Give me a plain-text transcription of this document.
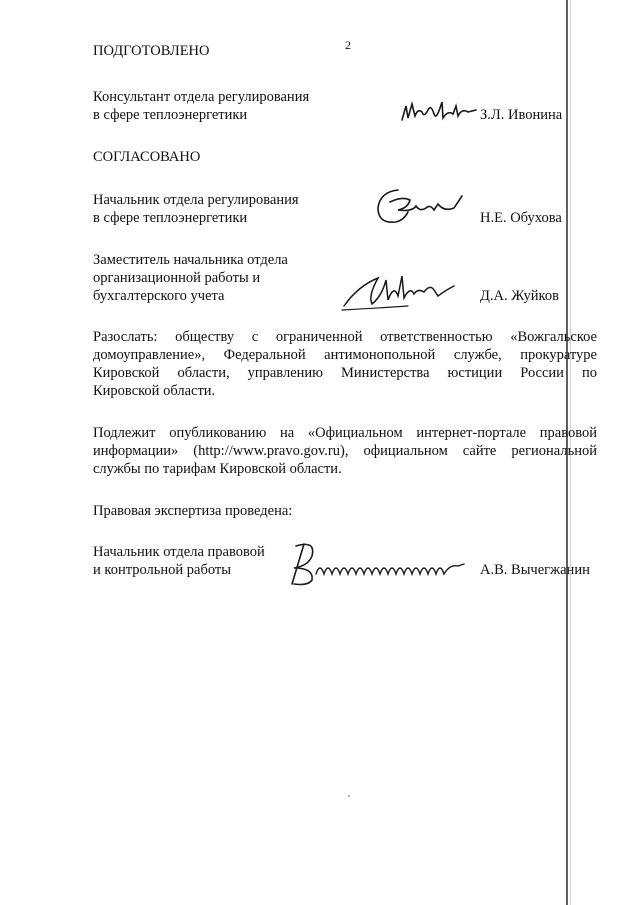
2
ПОДГОТОВЛЕНО
Консультант отдела регулирования
в сфере теплоэнергетики	З.Л. Ивонина
СОГЛАСОВАНО
Начальник отдела регулирования
в сфере теплоэнергетики	Н.Е. Обухова
Заместитель начальника отдела
организационной работы и
бухгалтерского учета	Д.А. Жуйков
Разослать: обществу с ограниченной ответственностью «Вожгальское
домоуправление», Федеральной антимонопольной службе, прокуратуре
Кировской области, управлению Министерства юстиции России по
Кировской области.
Подлежит опубликованию на «Официальном интернет-портале правовой
информации» (http://www.pravo.gov.ru), официальном сайте региональной
службы по тарифам Кировской области.
Правовая экспертиза проведена:
Начальник отдела правовой
и контрольной работы	А.В. Вычегжанин
